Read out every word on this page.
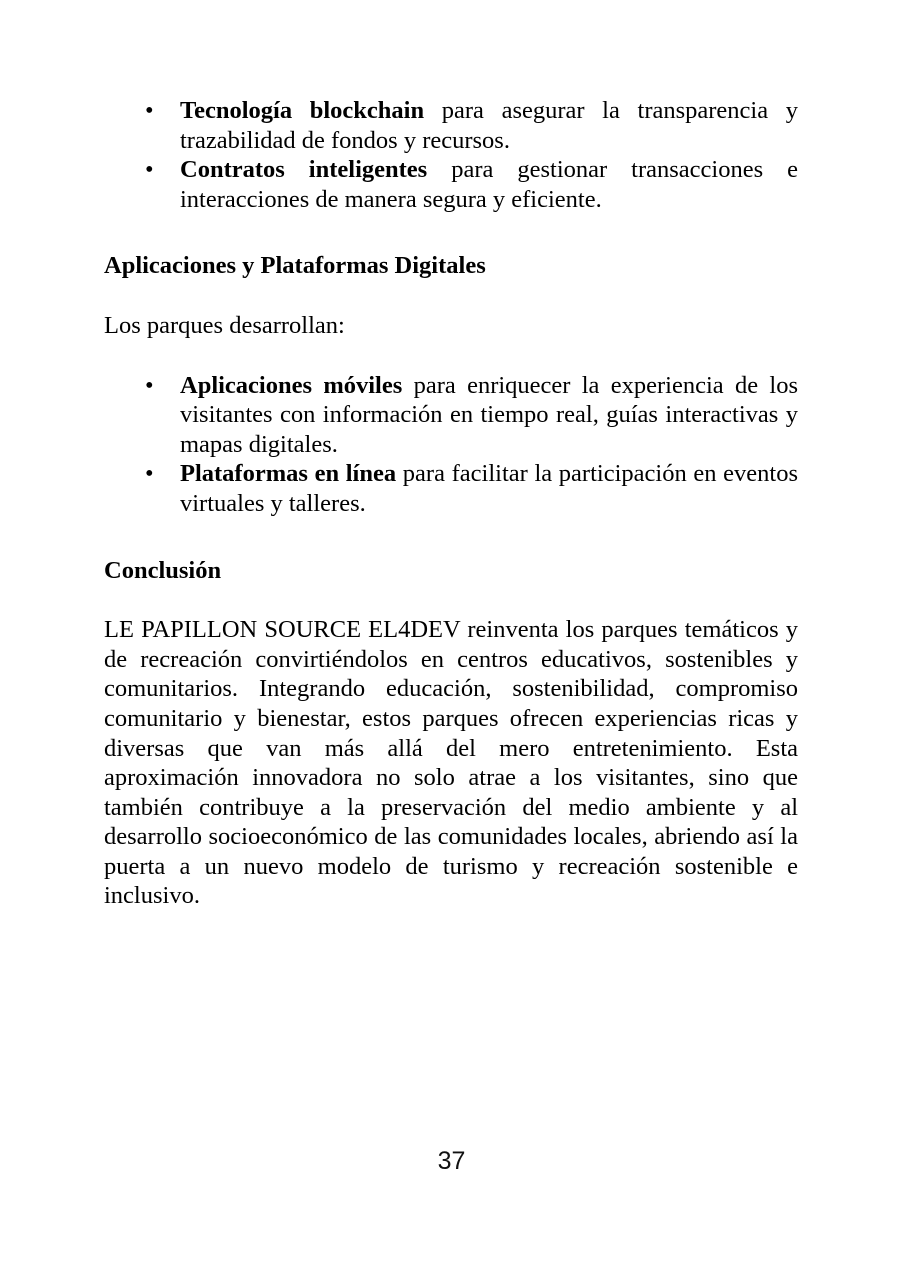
• Tecnología blockchain para asegurar la transparencia y trazabilidad de fondos y recursos.
• Contratos inteligentes para gestionar transacciones e interacciones de manera segura y eficiente.
Aplicaciones y Plataformas Digitales

Los parques desarrollan:

• Aplicaciones móviles para enriquecer la experiencia de los visitantes con información en tiempo real, guías interactivas y mapas digitales.
• Plataformas en línea para facilitar la participación en eventos virtuales y talleres.
Conclusión

LE PAPILLON SOURCE EL4DEV reinventa los parques temáticos y de recreación convirtiéndolos en centros educativos, sostenibles y comunitarios. Integrando educación, sostenibilidad, compromiso comunitario y bienestar, estos parques ofrecen experiencias ricas y diversas que van más allá del mero entretenimiento. Esta aproximación innovadora no solo atrae a los visitantes, sino que también contribuye a la preservación del medio ambiente y al desarrollo socioeconómico de las comunidades locales, abriendo así la puerta a un nuevo modelo de turismo y recreación sostenible e inclusivo.

37
